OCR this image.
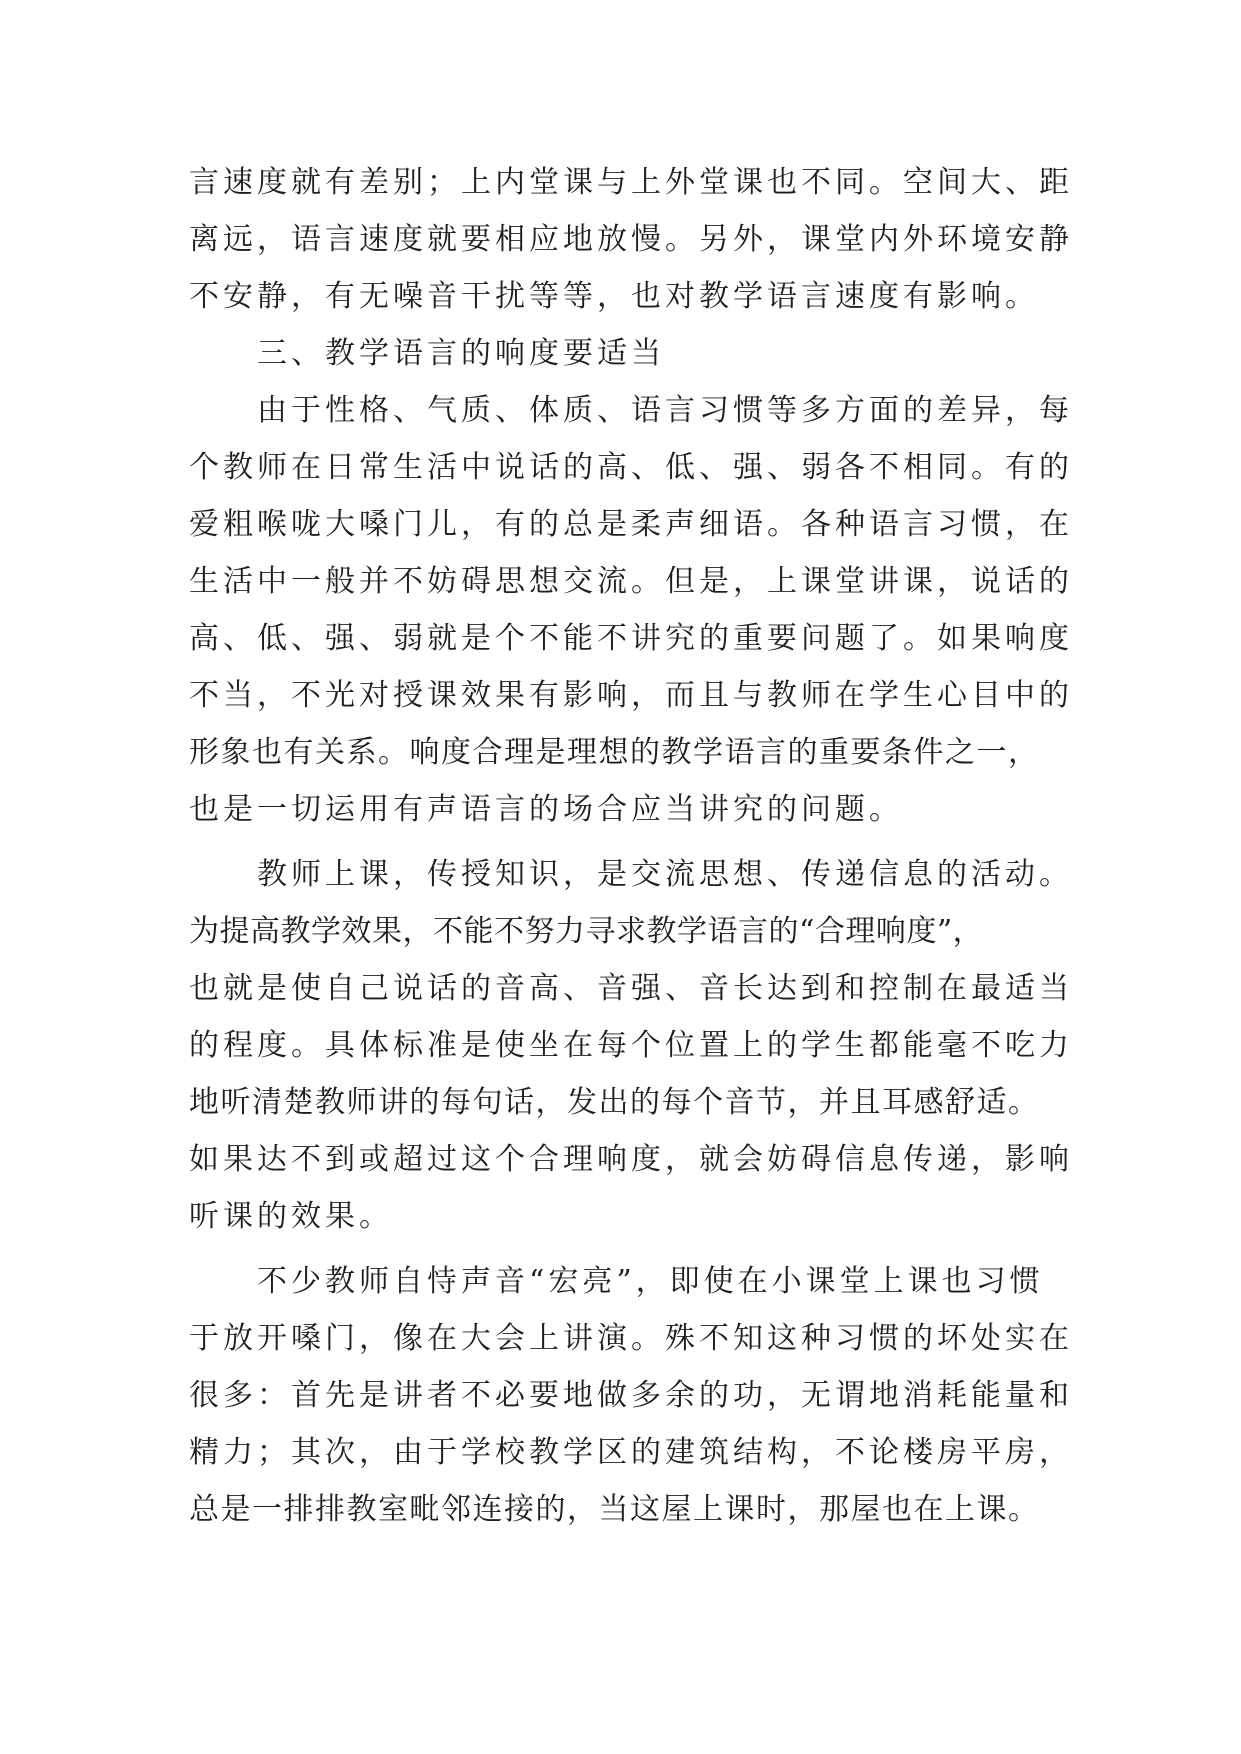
言速度就有差别；上内堂课与上外堂课也不同。空间大、距
离远，语言速度就要相应地放慢。另外，课堂内外环境安静
不安静，有无噪音干扰等等，也对教学语言速度有影响。
三、教学语言的响度要适当
由于性格、气质、体质、语言习惯等多方面的差异，每
个教师在日常生活中说话的高、低、强、弱各不相同。有的
爱粗喉咙大嗓门儿，有的总是柔声细语。各种语言习惯，在
生活中一般并不妨碍思想交流。但是，上课堂讲课，说话的
高、低、强、弱就是个不能不讲究的重要问题了。如果响度
不当，不光对授课效果有影响，而且与教师在学生心目中的
形象也有关系。响度合理是理想的教学语言的重要条件之一，
也是一切运用有声语言的场合应当讲究的问题。
教师上课，传授知识，是交流思想、传递信息的活动。
为提高教学效果，不能不努力寻求教学语言的“合理响度”，
也就是使自己说话的音高、音强、音长达到和控制在最适当
的程度。具体标准是使坐在每个位置上的学生都能毫不吃力
地听清楚教师讲的每句话，发出的每个音节，并且耳感舒适。
如果达不到或超过这个合理响度，就会妨碍信息传递，影响
听课的效果。
不少教师自恃声音“宏亮”，即使在小课堂上课也习惯
于放开嗓门，像在大会上讲演。殊不知这种习惯的坏处实在
很多：首先是讲者不必要地做多余的功，无谓地消耗能量和
精力；其次，由于学校教学区的建筑结构，不论楼房平房，
总是一排排教室毗邻连接的，当这屋上课时，那屋也在上课。
